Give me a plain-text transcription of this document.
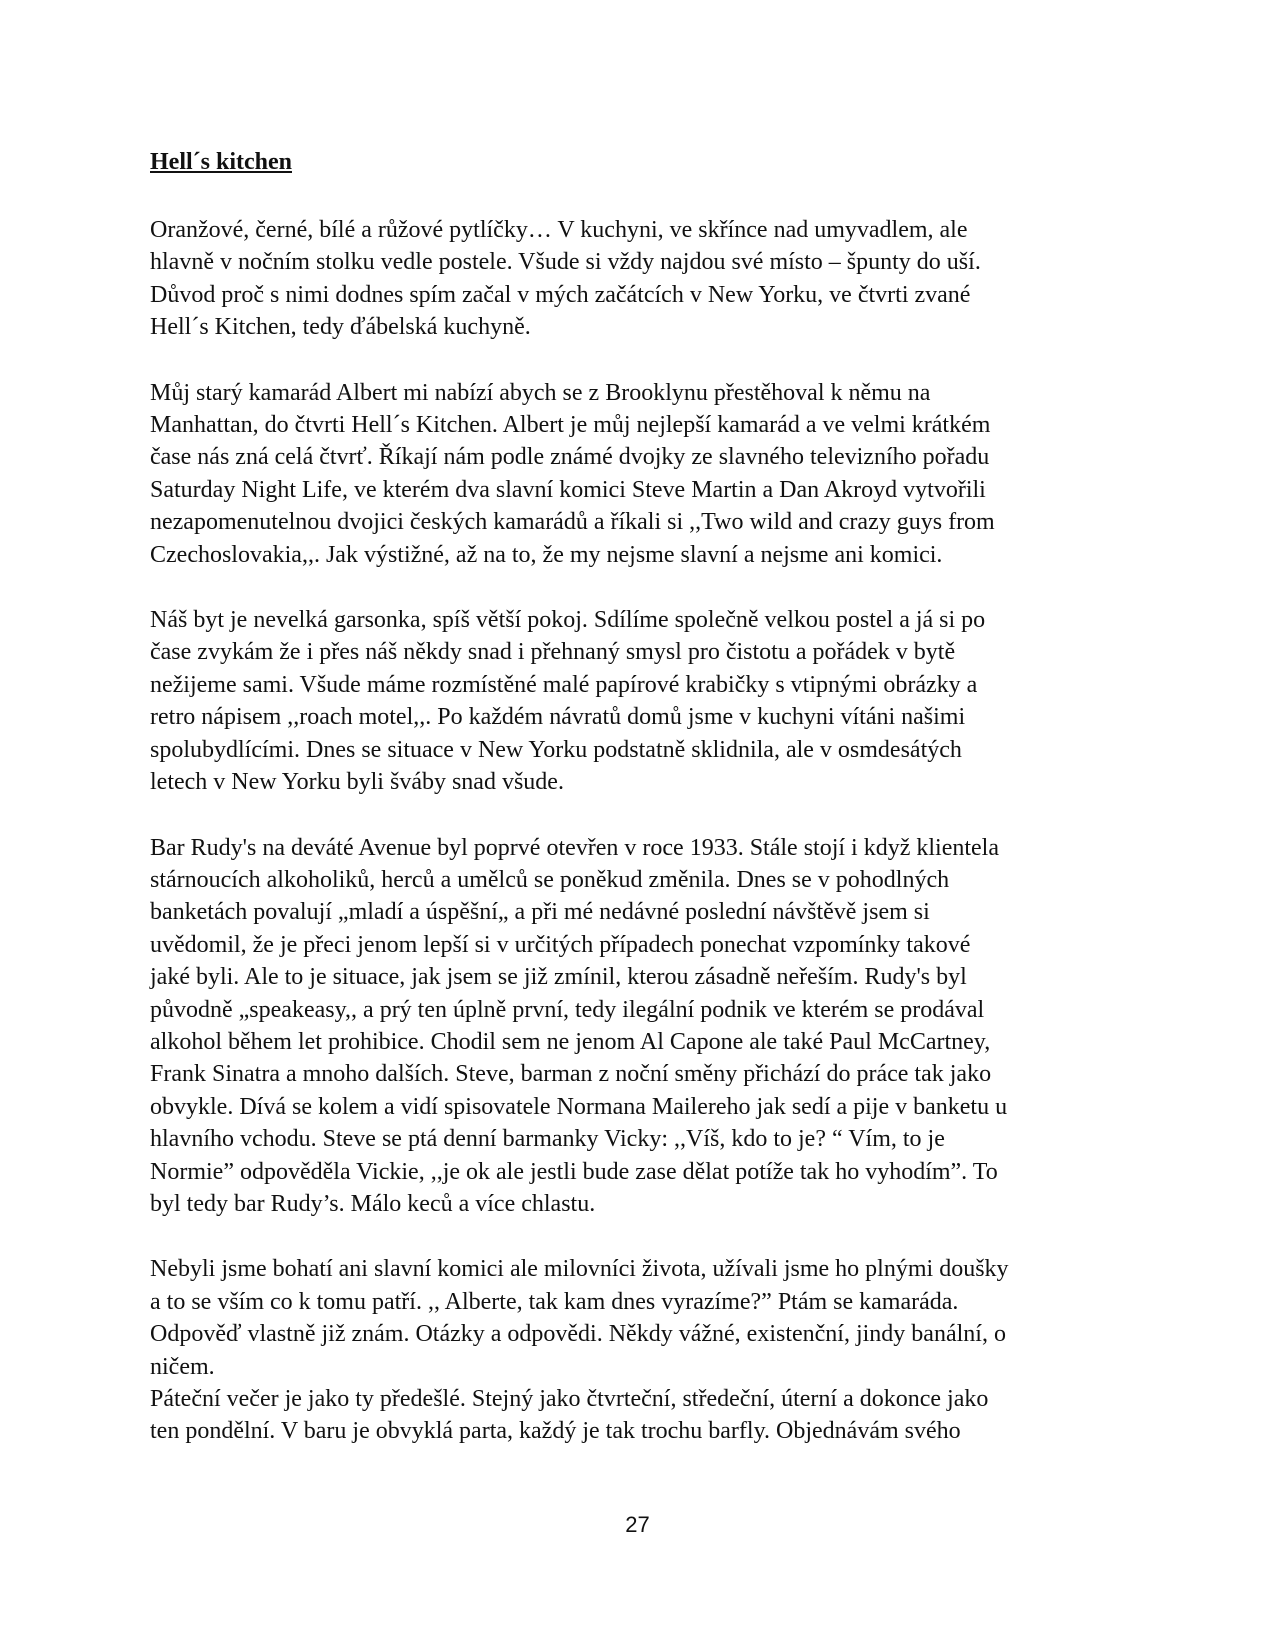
Hell´s kitchen

Oranžové, černé, bílé a růžové pytlíčky… V kuchyni, ve skřínce nad umyvadlem, ale
hlavně v nočním stolku vedle postele. Všude si vždy najdou své místo – špunty do uší.
Důvod proč s nimi dodnes spím začal v mých začátcích v New Yorku, ve čtvrti zvané
Hell´s Kitchen, tedy ďábelská kuchyně.

Můj starý kamarád Albert mi nabízí abych se z Brooklynu přestěhoval k němu na
Manhattan, do čtvrti Hell´s Kitchen. Albert je můj nejlepší kamarád a ve velmi krátkém
čase nás zná celá čtvrť. Říkají nám podle známé dvojky ze slavného televizního pořadu
Saturday Night Life, ve kterém dva slavní komici Steve Martin a Dan Akroyd vytvořili
nezapomenutelnou dvojici českých kamarádů a říkali si ,,Two wild and crazy guys from
Czechoslovakia,,. Jak výstižné, až na to, že my nejsme slavní a nejsme ani komici.

Náš byt je nevelká garsonka, spíš větší pokoj. Sdílíme společně velkou postel a já si po
čase zvykám že i přes náš někdy snad i přehnaný smysl pro čistotu a pořádek v bytě
nežijeme sami. Všude máme rozmístěné malé papírové krabičky s vtipnými obrázky a
retro nápisem ,,roach motel,,. Po každém návratů domů jsme v kuchyni vítáni našimi
spolubydlícími. Dnes se situace v New Yorku podstatně sklidnila, ale v osmdesátých
letech v New Yorku byli šváby snad všude.

Bar Rudy's na deváté Avenue byl poprvé otevřen v roce 1933. Stále stojí i když klientela
stárnoucích alkoholiků, herců a umělců se poněkud změnila. Dnes se v pohodlných
banketách povalují „mladí a úspěšní„ a při mé nedávné poslední návštěvě jsem si
uvědomil, že je přeci jenom lepší si v určitých případech ponechat vzpomínky takové
jaké byli. Ale to je situace, jak jsem se již zmínil, kterou zásadně neřeším. Rudy's byl
původně „speakeasy,, a prý ten úplně první, tedy ilegální podnik ve kterém se prodával
alkohol během let prohibice. Chodil sem ne jenom Al Capone ale také Paul McCartney,
Frank Sinatra a mnoho dalších. Steve, barman z noční směny přichází do práce tak jako
obvykle. Dívá se kolem a vidí spisovatele Normana Mailereho jak sedí a pije v banketu u
hlavního vchodu. Steve se ptá denní barmanky Vicky: ,,Víš, kdo to je? “ Vím, to je
Normie” odpověděla Vickie, ,,je ok ale jestli bude zase dělat potíže tak ho vyhodím”. To
byl tedy bar Rudy’s. Málo keců a více chlastu.

Nebyli jsme bohatí ani slavní komici ale milovníci života, užívali jsme ho plnými doušky
a to se vším co k tomu patří. ,, Alberte, tak kam dnes vyrazíme?” Ptám se kamaráda.
Odpověď vlastně již znám. Otázky a odpovědi. Někdy vážné, existenční, jindy banální, o
ničem.
Páteční večer je jako ty předešlé. Stejný jako čtvrteční, středeční, úterní a dokonce jako
ten pondělní. V baru je obvyklá parta, každý je tak trochu barfly. Objednávám svého

27
